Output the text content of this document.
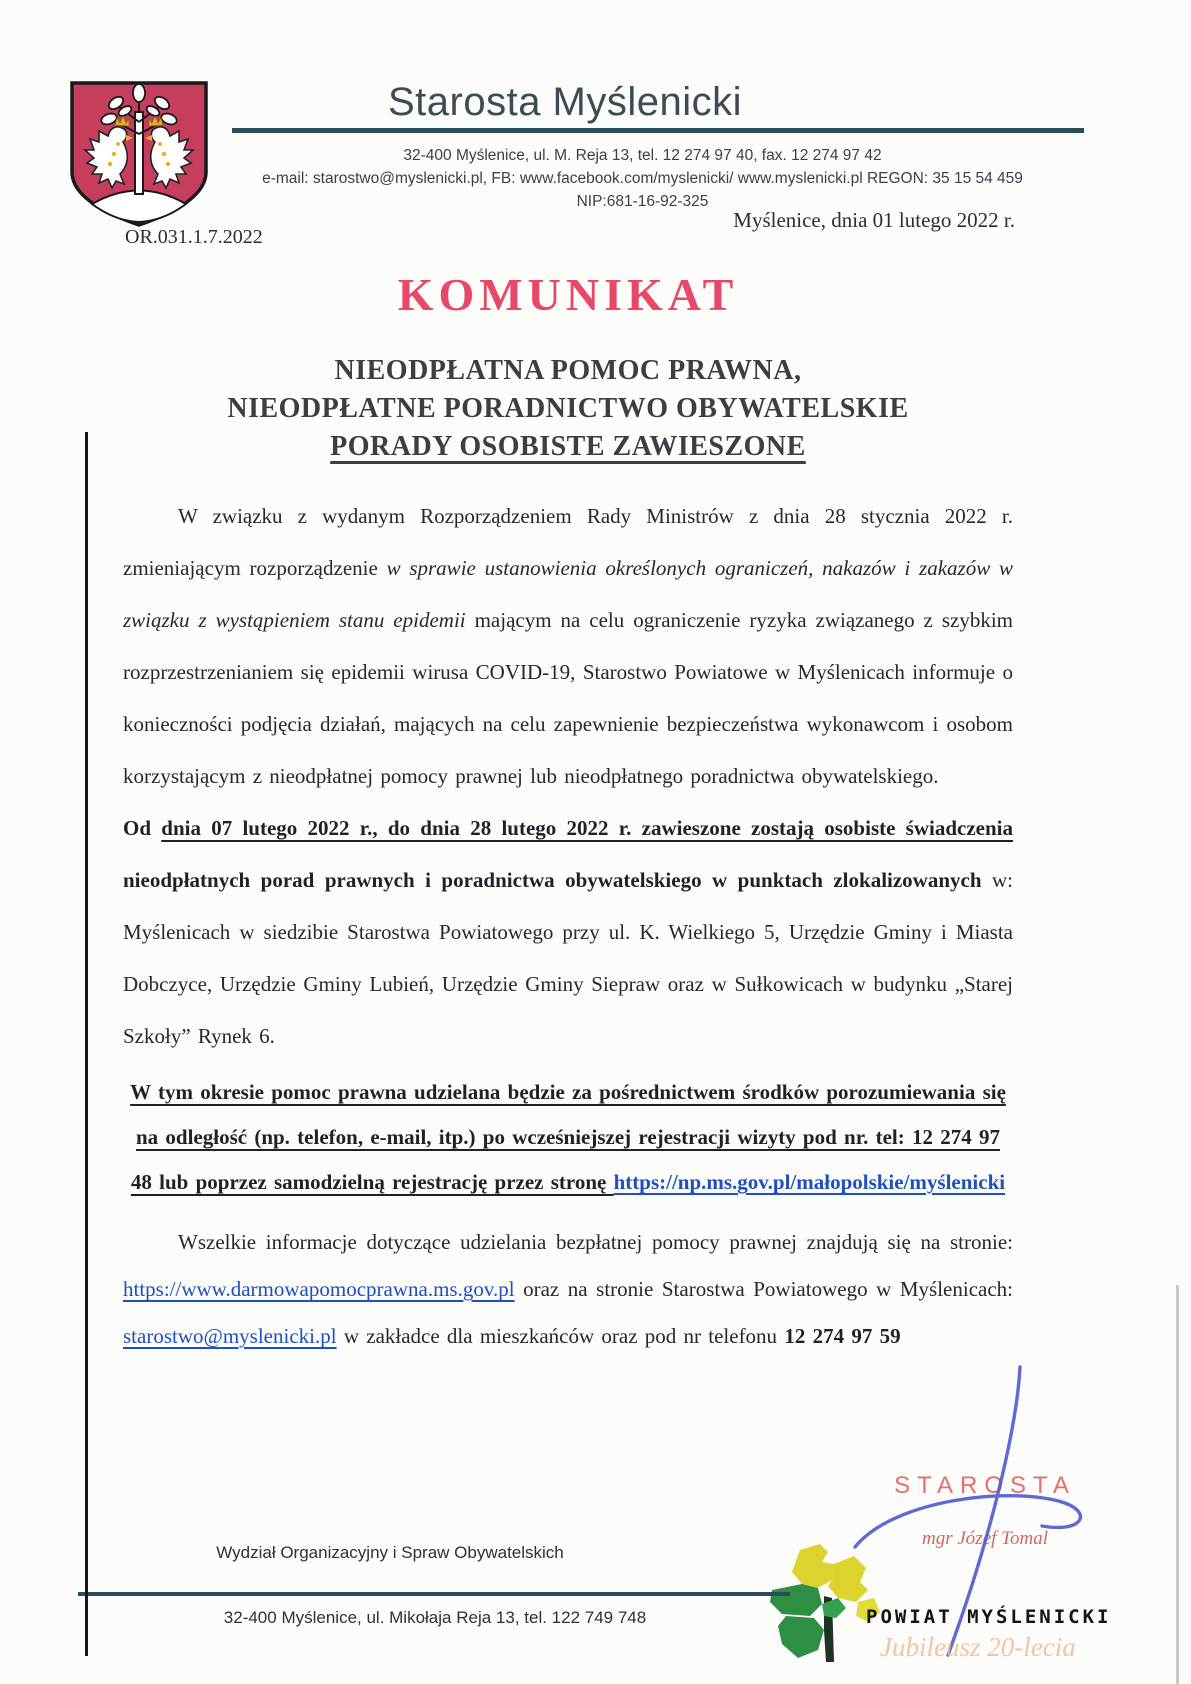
Starosta Myślenicki
32-400 Myślenice, ul. M. Reja 13, tel. 12 274 97 40, fax. 12 274 97 42
e-mail: starostwo@myslenicki.pl, FB: www.facebook.com/myslenicki/ www.myslenicki.pl REGON: 35 15 54 459
NIP:681-16-92-325
Myślenice, dnia 01 lutego 2022 r.
OR.031.1.7.2022
KOMUNIKAT
NIEODPŁATNA POMOC PRAWNA,
NIEODPŁATNE PORADNICTWO OBYWATELSKIE
PORADY OSOBISTE ZAWIESZONE

W związku z wydanym Rozporządzeniem Rady Ministrów z dnia 28 stycznia 2022 r. zmieniającym rozporządzenie w sprawie ustanowienia określonych ograniczeń, nakazów i zakazów w związku z wystąpieniem stanu epidemii mającym na celu ograniczenie ryzyka związanego z szybkim rozprzestrzenianiem się epidemii wirusa COVID-19, Starostwo Powiatowe w Myślenicach informuje o konieczności podjęcia działań, mających na celu zapewnienie bezpieczeństwa wykonawcom i osobom korzystającym z nieodpłatnej pomocy prawnej lub nieodpłatnego poradnictwa obywatelskiego.

Od dnia 07 lutego 2022 r., do dnia 28 lutego 2022 r. zawieszone zostają osobiste świadczenia nieodpłatnych porad prawnych i poradnictwa obywatelskiego w punktach zlokalizowanych w: Myślenicach w siedzibie Starostwa Powiatowego przy ul. K. Wielkiego 5, Urzędzie Gminy i Miasta Dobczyce, Urzędzie Gminy Lubień, Urzędzie Gminy Siepraw oraz w Sułkowicach w budynku „Starej Szkoły” Rynek 6.

W tym okresie pomoc prawna udzielana będzie za pośrednictwem środków porozumiewania się na odległość (np. telefon, e-mail, itp.) po wcześniejszej rejestracji wizyty pod nr. tel: 12 274 97 48 lub poprzez samodzielną rejestrację przez stronę https://np.ms.gov.pl/małopolskie/myślenicki

Wszelkie informacje dotyczące udzielania bezpłatnej pomocy prawnej znajdują się na stronie: https://www.darmowapomocprawna.ms.gov.pl oraz na stronie Starostwa Powiatowego w Myślenicach: starostwo@myslenicki.pl w zakładce dla mieszkańców oraz pod nr telefonu 12 274 97 59

STAROSTA
mgr Józef Tomal
POWIAT MYŚLENICKI
Jubileusz 20-lecia
Wydział Organizacyjny i Spraw Obywatelskich
32-400 Myślenice, ul. Mikołaja Reja 13, tel. 122 749 748
